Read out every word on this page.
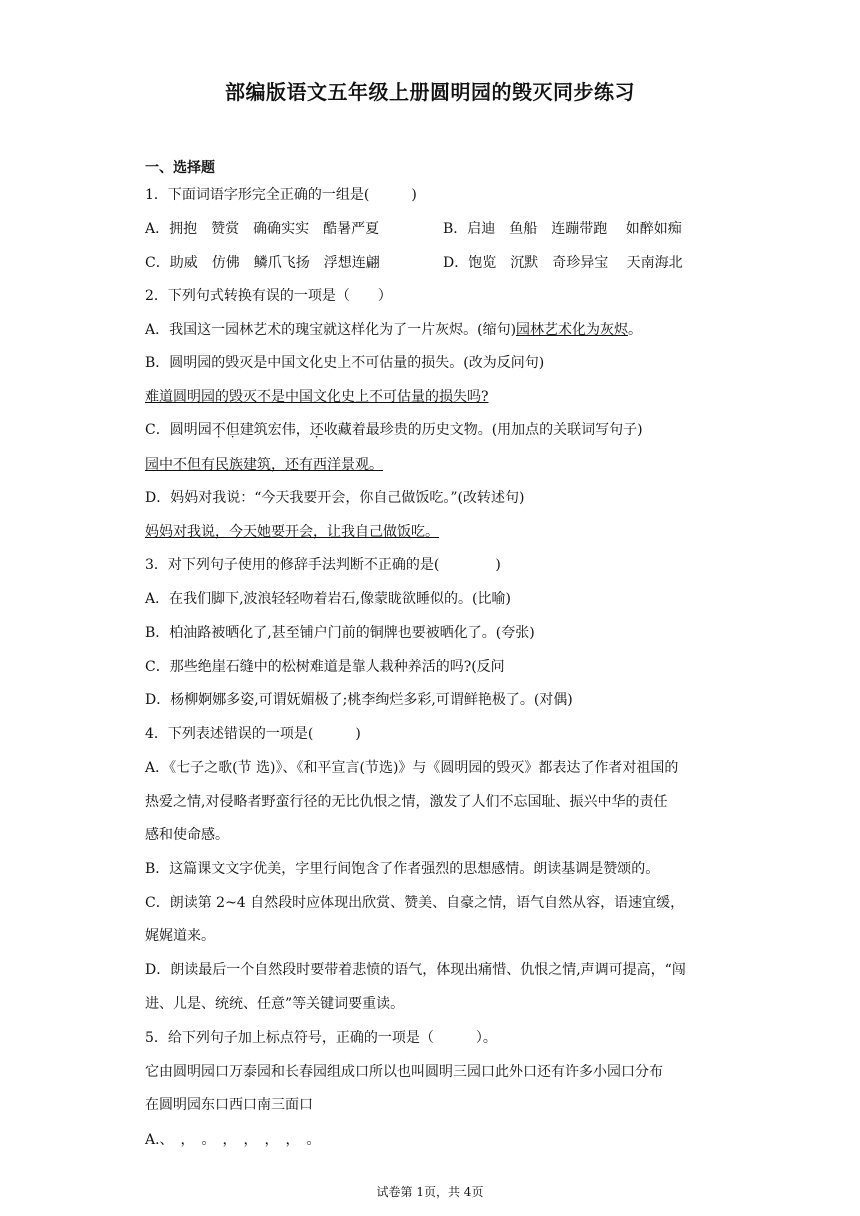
部编版语文五年级上册圆明园的毁灭同步练习
一、选择题
1．下面词语字形完全正确的一组是(　　　)
A．拥抱　赞赏　确确实实　酷暑严夏	B．启迪　鱼船　连蹦带跑　 如醉如痴
C．助威　仿佛　鳞爪飞扬　浮想连翩	D．饱览　沉默　奇珍异宝　 天南海北
2．下列句式转换有误的一项是（　　）
A．我国这一园林艺术的瑰宝就这样化为了一片灰烬。(缩句)园林艺术化为灰烬。
B．圆明园的毁灭是中国文化史上不可估量的损失。(改为反问句)
难道圆明园的毁灭不是中国文化史上不可估量的损失吗?
C．圆明园不但建筑宏伟，还收藏着最珍贵的历史文物。(用加点的关联词写句子)
园中不但有民族建筑，还有西洋景观。
D．妈妈对我说：“今天我要开会，你自己做饭吃。”(改转述句)
妈妈对我说，今天她要开会，让我自己做饭吃。
3．对下列句子使用的修辞手法判断不正确的是(　　　　)
A．在我们脚下,波浪轻轻吻着岩石,像蒙眬欲睡似的。(比喻)
B．柏油路被晒化了,甚至铺户门前的铜牌也要被晒化了。(夸张)
C．那些绝崖石缝中的松树难道是靠人栽种养活的吗?(反问
D．杨柳婀娜多姿,可谓妩媚极了;桃李绚烂多彩,可谓鲜艳极了。(对偶)
4．下列表述错误的一项是(　　　)
A．《七子之歌(节 选)》、《和平宣言(节选)》与《圆明园的毁灭》都表达了作者对祖国的
热爱之情,对侵略者野蛮行径的无比仇恨之情，激发了人们不忘国耻、振兴中华的责任
感和使命感。
B．这篇课文文字优美，字里行间饱含了作者强烈的思想感情。朗读基调是赞颂的。
C．朗读第 2~4 自然段时应体现出欣赏、赞美、自豪之情，语气自然从容，语速宜缓，
娓娓道来。
D．朗读最后一个自然段时要带着悲愤的语气，体现出痛惜、仇恨之情,声调可提高，“闯
进、儿是、统统、任意”等关键词要重读。
5．给下列句子加上标点符号，正确的一项是（　　　）。
它由圆明园口万泰园和长春园组成口所以也叫圆明三园口此外口还有许多小园口分布
在圆明园东口西口南三面口
A.、　，　。　，　，　，　，　。
试卷第 1页，共 4页
